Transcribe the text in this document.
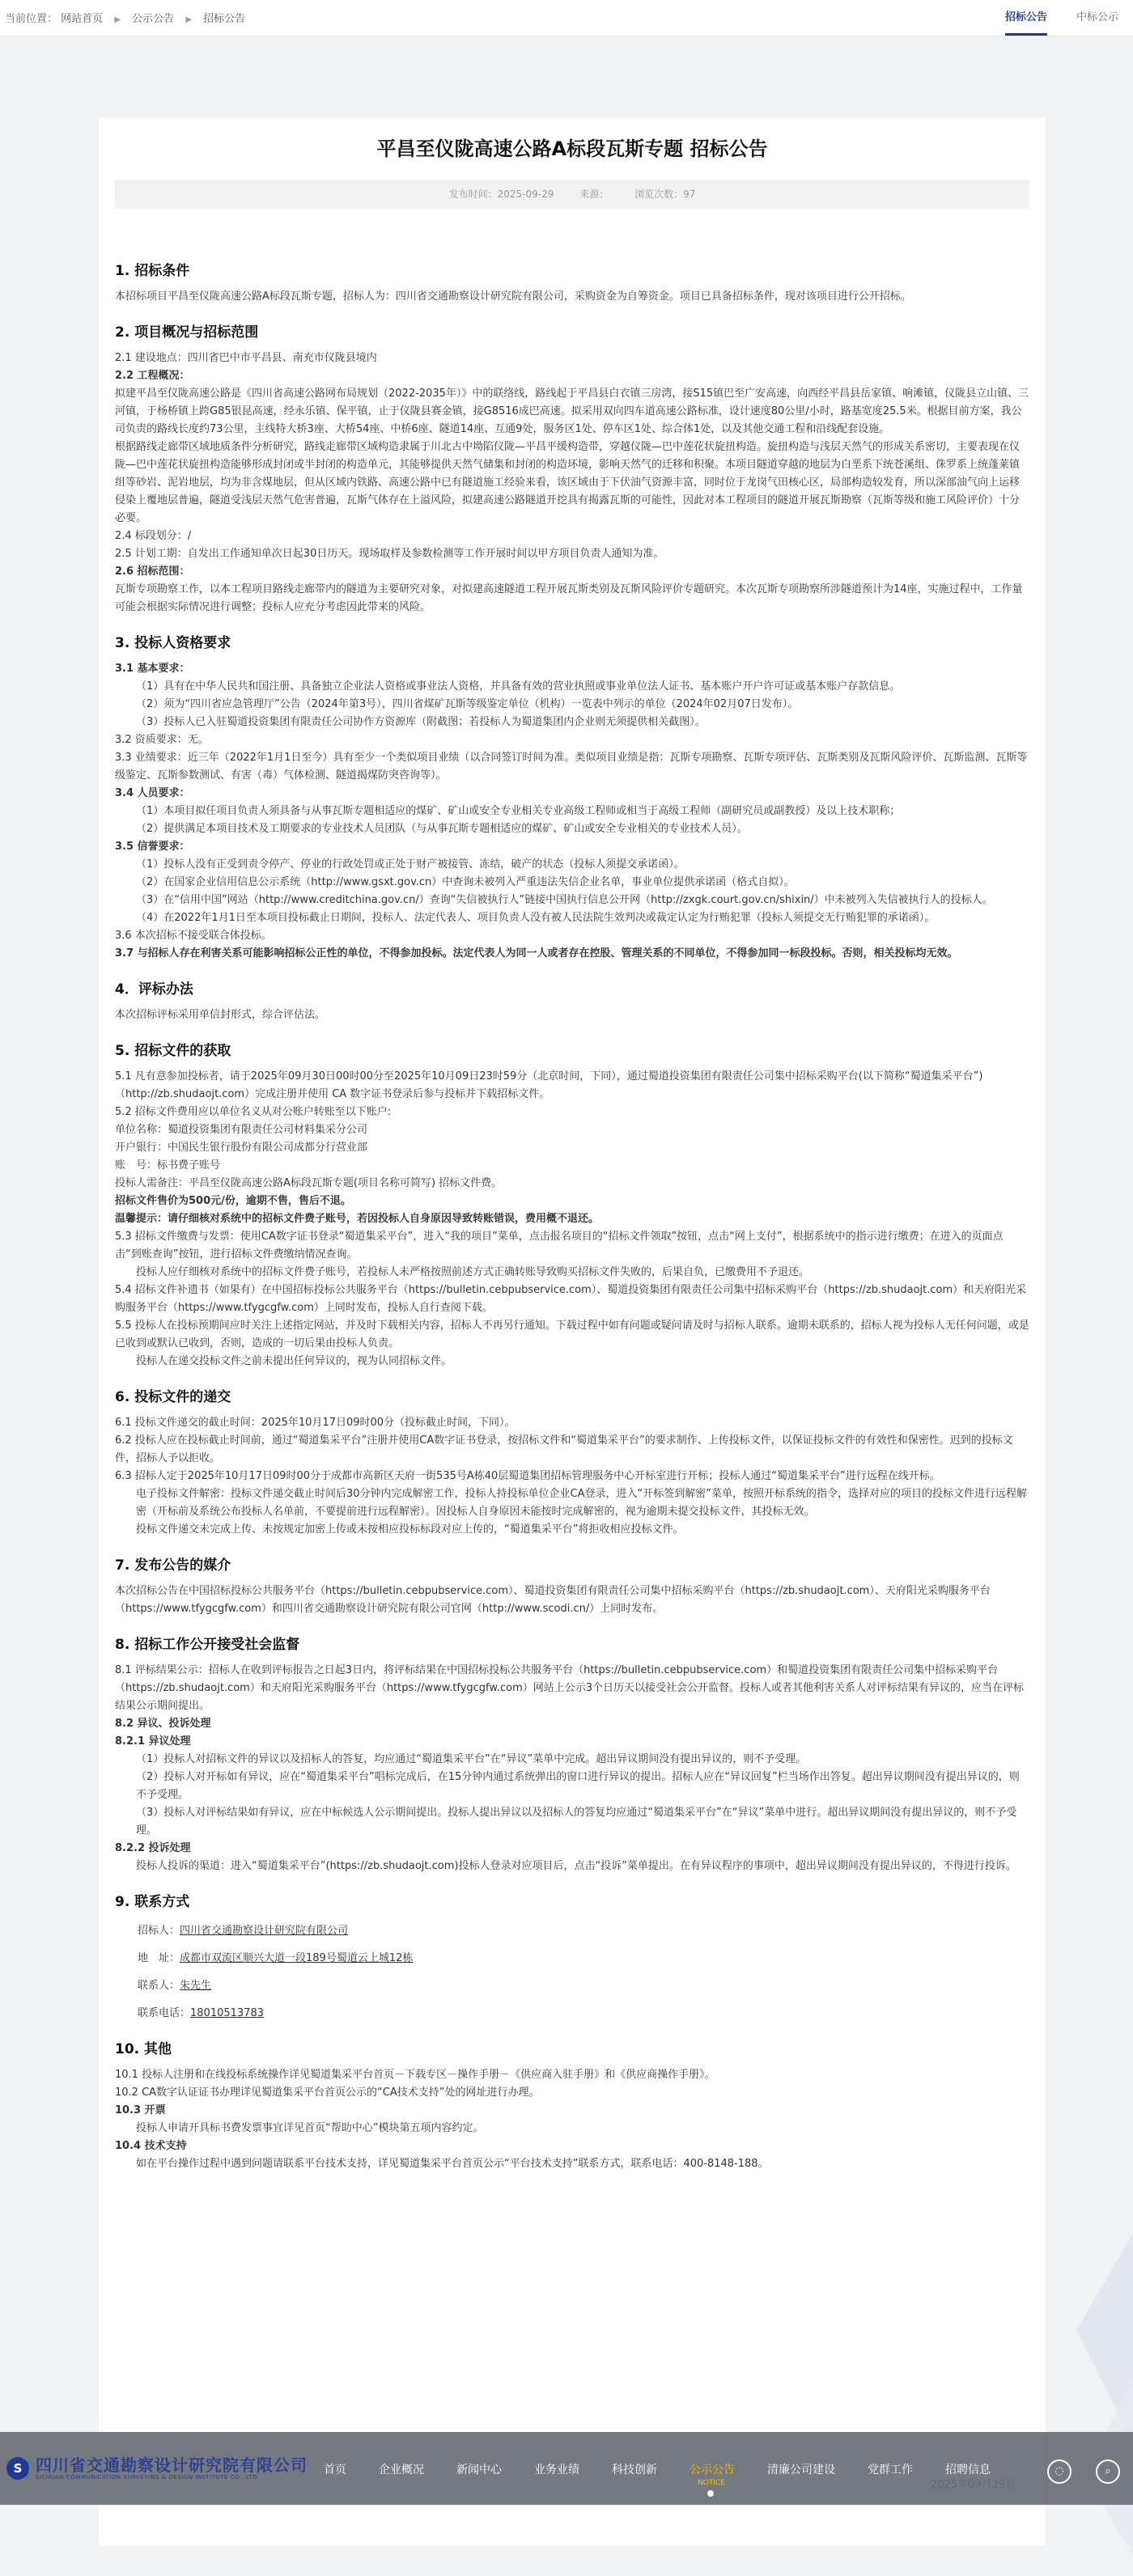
当前位置： 网站首页 ▶ 公示公告 ▶ 招标公告	招标公告	中标公示
平昌至仪陇高速公路A标段瓦斯专题 招标公告
发布时间：2025-09-29	来源：	浏览次数：97
1. 招标条件

本招标项目平昌至仪陇高速公路A标段瓦斯专题，招标人为：四川省交通勘察设计研究院有限公司，采购资金为自筹资金。项目已具备招标条件，现对该项目进行公开招标。

2. 项目概况与招标范围

2.1 建设地点：四川省巴中市平昌县、南充市仪陇县境内

2.2 工程概况：

拟建平昌至仪陇高速公路是《四川省高速公路网布局规划（2022-2035年）》中的联络线，路线起于平昌县白衣镇三房湾，接S15镇巴至广安高速，向西经平昌县岳家镇、响滩镇，仪陇县立山镇、三河镇，于杨桥镇上跨G85银昆高速，经永乐镇、保平镇，止于仪陇县赛金镇，接G8516成巴高速。拟采用双向四车道高速公路标准，设计速度80公里/小时，路基宽度25.5米。根据目前方案，我公司负责的路线长度约73公里，主线特大桥3座、大桥54座、中桥6座、隧道14座、互通9处，服务区1处、停车区1处、综合体1处，以及其他交通工程和沿线配套设施。

根据路线走廊带区域地质条件分析研究，路线走廊带区域构造隶属于川北古中坳陷仪陇—平昌平缓构造带，穿越仪陇—巴中莲花状旋扭构造。旋扭构造与浅层天然气的形成关系密切，主要表现在仪陇—巴中莲花状旋扭构造能够形成封闭或半封闭的构造单元，其能够提供天然气储集和封闭的构造环境，影响天然气的迁移和积聚。本项目隧道穿越的地层为白垩系下统苍溪组、侏罗系上统蓬莱镇组等砂岩、泥岩地层，均为非含煤地层，但从区域内铁路、高速公路中已有隧道施工经验来看，该区域由于下伏油气资源丰富，同时位于龙岗气田核心区，局部构造较发育，所以深部油气向上运移侵染上覆地层普遍，隧道受浅层天然气危害普遍，瓦斯气体存在上溢风险，拟建高速公路隧道开挖具有揭露瓦斯的可能性，因此对本工程项目的隧道开展瓦斯勘察（瓦斯等级和施工风险评价）十分必要。

2.4 标段划分：/

2.5 计划工期：自发出工作通知单次日起30日历天。现场取样及参数检测等工作开展时间以甲方项目负责人通知为准。

2.6 招标范围：

瓦斯专项勘察工作，以本工程项目路线走廊带内的隧道为主要研究对象，对拟建高速隧道工程开展瓦斯类别及瓦斯风险评价专题研究。本次瓦斯专项勘察所涉隧道预计为14座，实施过程中，工作量可能会根据实际情况进行调整；投标人应充分考虑因此带来的风险。

3. 投标人资格要求

3.1 基本要求：

（1）具有在中华人民共和国注册、具备独立企业法人资格或事业法人资格，并具备有效的营业执照或事业单位法人证书、基本账户开户许可证或基本账户存款信息。

（2）须为“四川省应急管理厅”公告（2024年第3号），四川省煤矿瓦斯等级鉴定单位（机构）一览表中列示的单位（2024年02月07日发布）。

（3）投标人已入驻蜀道投资集团有限责任公司协作方资源库（附截图；若投标人为蜀道集团内企业则无须提供相关截图）。

3.2 资质要求：无。

3.3 业绩要求：近三年（2022年1月1日至今）具有至少一个类似项目业绩（以合同签订时间为准。类似项目业绩是指：瓦斯专项勘察、瓦斯专项评估、瓦斯类别及瓦斯风险评价、瓦斯监测、瓦斯等级鉴定、瓦斯参数测试、有害（毒）气体检测、隧道揭煤防突咨询等）。

3.4 人员要求：

（1）本项目拟任项目负责人须具备与从事瓦斯专题相适应的煤矿、矿山或安全专业相关专业高级工程师或相当于高级工程师（副研究员或副教授）及以上技术职称；

（2）提供满足本项目技术及工期要求的专业技术人员团队（与从事瓦斯专题相适应的煤矿、矿山或安全专业相关的专业技术人员）。

3.5 信誉要求：

（1）投标人没有正受到责令停产、停业的行政处罚或正处于财产被接管、冻结，破产的状态（投标人须提交承诺函）。

（2）在国家企业信用信息公示系统（http://www.gsxt.gov.cn）中查询未被列入严重违法失信企业名单，事业单位提供承诺函（格式自拟）。

（3）在“信用中国”网站（http://www.creditchina.gov.cn/）查询“失信被执行人”链接中国执行信息公开网（http://zxgk.court.gov.cn/shixin/）中未被列入失信被执行人的投标人。

（4）在2022年1月1日至本项目投标截止日期间，投标人、法定代表人、项目负责人没有被人民法院生效判决或裁定认定为行贿犯罪（投标人须提交无行贿犯罪的承诺函）。

3.6 本次招标不接受联合体投标。

3.7 与招标人存在利害关系可能影响招标公正性的单位，不得参加投标。法定代表人为同一人或者存在控股、管理关系的不同单位，不得参加同一标段投标。否则，相关投标均无效。

4．评标办法

本次招标评标采用单信封形式，综合评估法。

5. 招标文件的获取

5.1 凡有意参加投标者，请于2025年09月30日00时00分至2025年10月09日23时59分（北京时间，下同），通过蜀道投资集团有限责任公司集中招标采购平台(以下简称“蜀道集采平台”)（http://zb.shudaojt.com）完成注册并使用 CA 数字证书登录后参与投标并下载招标文件。

5.2 招标文件费用应以单位名义从对公账户转账至以下账户:

单位名称：蜀道投资集团有限责任公司材料集采分公司

开户银行：中国民生银行股份有限公司成都分行营业部

账　号：标书费子账号

投标人需备注：平昌至仪陇高速公路A标段瓦斯专题(项目名称可简写) 招标文件费。

招标文件售价为500元/份，逾期不售，售后不退。

温馨提示：请仔细核对系统中的招标文件费子账号，若因投标人自身原因导致转账错误，费用概不退还。

5.3 招标文件缴费与发票：使用CA数字证书登录“蜀道集采平台”，进入“我的项目”菜单，点击报名项目的“招标文件领取”按钮，点击“网上支付”，根据系统中的指示进行缴费；在进入的页面点击“到账查询”按钮，进行招标文件费缴纳情况查询。

投标人应仔细核对系统中的招标文件费子账号，若投标人未严格按照前述方式正确转账导致购买招标文件失败的，后果自负，已缴费用不予退还。

5.4 招标文件补遗书（如果有）在中国招标投标公共服务平台（https://bulletin.cebpubservice.com）、蜀道投资集团有限责任公司集中招标采购平台（https://zb.shudaojt.com）和天府阳光采购服务平台（https://www.tfygcgfw.com）上同时发布，投标人自行查阅下载。

5.5 投标人在投标预期间应时关注上述指定网站，并及时下载相关内容，招标人不再另行通知。下载过程中如有问题或疑问请及时与招标人联系。逾期未联系的，招标人视为投标人无任何问题，或是已收到或默认已收到，否则，造成的一切后果由投标人负责。

投标人在递交投标文件之前未提出任何异议的，视为认同招标文件。

6. 投标文件的递交

6.1 投标文件递交的截止时间：2025年10月17日09时00分（投标截止时间，下同）。

6.2 投标人应在投标截止时间前，通过“蜀道集采平台”注册并使用CA数字证书登录，按招标文件和“蜀道集采平台”的要求制作、上传投标文件，以保证投标文件的有效性和保密性。迟到的投标文件，招标人予以拒收。

6.3 招标人定于2025年10月17日09时00分于成都市高新区天府一街535号A栋40层蜀道集团招标管理服务中心开标室进行开标；投标人通过“蜀道集采平台”进行远程在线开标。

电子投标文件解密：投标文件递交截止时间后30分钟内完成解密工作，投标人持投标单位企业CA登录，进入“开标签到解密”菜单，按照开标系统的指令，选择对应的项目的投标文件进行远程解密（开标前及系统公布投标人名单前，不要提前进行远程解密）。因投标人自身原因未能按时完成解密的，视为逾期未提交投标文件，其投标无效。

投标文件递交未完成上传、未按规定加密上传或未按相应投标标段对应上传的，“蜀道集采平台”将拒收相应投标文件。

7. 发布公告的媒介

本次招标公告在中国招标投标公共服务平台（https://bulletin.cebpubservice.com）、蜀道投资集团有限责任公司集中招标采购平台（https://zb.shudaojt.com）、天府阳光采购服务平台（https://www.tfygcgfw.com）和四川省交通勘察设计研究院有限公司官网（http://www.scodi.cn/）上同时发布。

8. 招标工作公开接受社会监督

8.1 评标结果公示：招标人在收到评标报告之日起3日内，将评标结果在中国招标投标公共服务平台（https://bulletin.cebpubservice.com）和蜀道投资集团有限责任公司集中招标采购平台（https://zb.shudaojt.com）和天府阳光采购服务平台（https://www.tfygcgfw.com）网站上公示3个日历天以接受社会公开监督。投标人或者其他利害关系人对评标结果有异议的，应当在评标结果公示期间提出。

8.2 异议、投诉处理

8.2.1 异议处理

（1）投标人对招标文件的异议以及招标人的答复，均应通过“蜀道集采平台”在“异议”菜单中完成。超出异议期间没有提出异议的，则不予受理。

（2）投标人对开标如有异议，应在“蜀道集采平台”唱标完成后，在15分钟内通过系统弹出的窗口进行异议的提出。招标人应在“异议回复”栏当场作出答复。超出异议期间没有提出异议的，则不予受理。

（3）投标人对评标结果如有异议，应在中标候选人公示期间提出。投标人提出异议以及招标人的答复均应通过“蜀道集采平台”在“异议”菜单中进行。超出异议期间没有提出异议的，则不予受理。

8.2.2 投诉处理

投标人投诉的渠道：进入“蜀道集采平台”(https://zb.shudaojt.com)投标人登录对应项目后，点击“投诉”菜单提出。在有异议程序的事项中，超出异议期间没有提出异议的，不得进行投诉。

9. 联系方式

招标人：四川省交通勘察设计研究院有限公司

地　址：成都市双流区顺兴大道一段189号蜀道云上城12栋

联系人：朱先生

联系电话：18010513783

10. 其他

10.1 投标人注册和在线投标系统操作详见蜀道集采平台首页－下载专区－操作手册－《供应商入驻手册》和《供应商操作手册》。

10.2 CA数字认证证书办理详见蜀道集采平台首页公示的“CA技术支持”处的网址进行办理。

10.3 开票

投标人申请开具标书费发票事宜详见首页“帮助中心”模块第五项内容约定。

10.4 技术支持

如在平台操作过程中遇到问题请联系平台技术支持，详见蜀道集采平台首页公示“平台技术支持”联系方式，联系电话：400-8148-188。

S 四川省交通勘察设计研究院有限公司
SICHUAN COMMUNICATION SURVEYING & DESIGN INSTITUTE CO., LTD.
首页	企业概况	新闻中心	业务业绩	科技创新	公示公告
NOTICE
清廉公司建设	党群工作	招聘信息	◌	⌕
